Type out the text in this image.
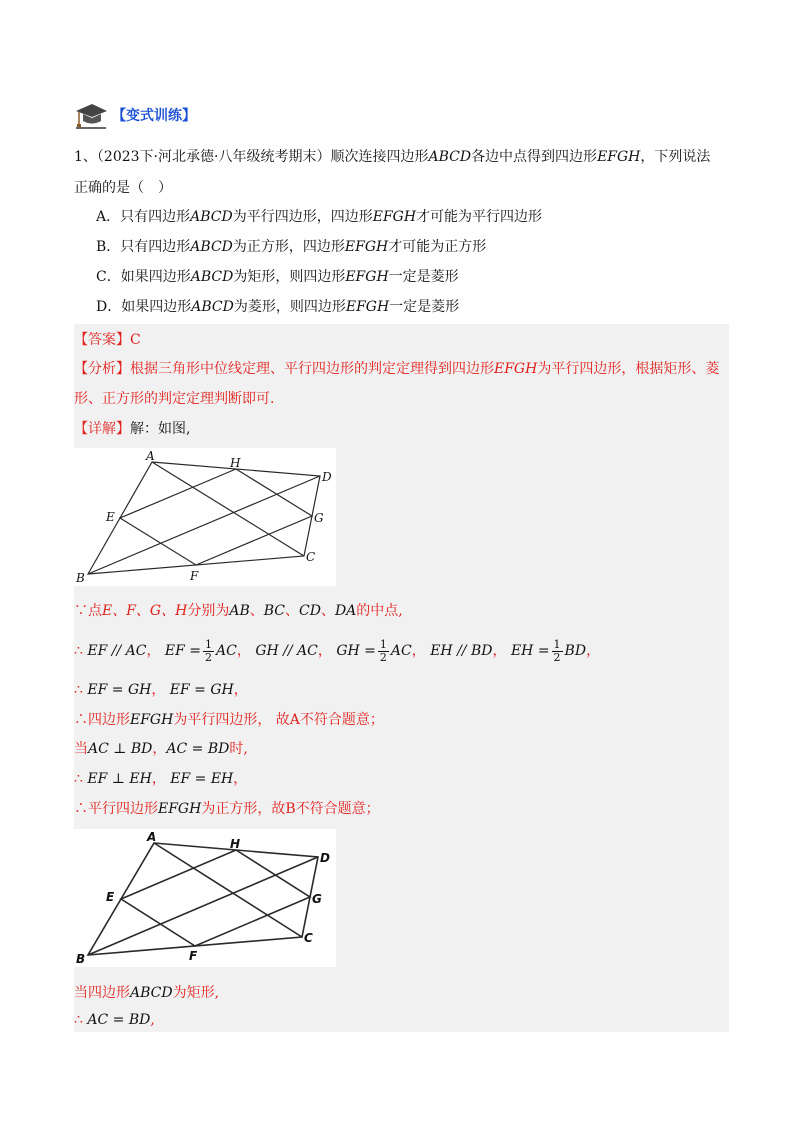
【变式训练】
1、（2023下·河北承德·八年级统考期末）顺次连接四边形ABCD各边中点得到四边形EFGH，下列说法
正确的是（　）
A．只有四边形ABCD为平行四边形，四边形EFGH才可能为平行四边形
B．只有四边形ABCD为正方形，四边形EFGH才可能为正方形
C．如果四边形ABCD为矩形，则四边形EFGH一定是菱形
D．如果四边形ABCD为菱形，则四边形EFGH一定是菱形
【答案】C
【分析】根据三角形中位线定理、平行四边形的判定定理得到四边形EFGH为平行四边形，根据矩形、菱
形、正方形的判定定理判断即可.
【详解】解：如图,
A	H
D
E	G
B	F
C
∵点E、F、G、H分别为AB、BC、CD、DA的中点,
∴ EF // AC， EF = $\frac{1}{2}$ AC， GH // AC， GH = $\frac{1}{2}$ AC， EH // BD， EH = $\frac{1}{2}$ BD，
∴ EF = GH， EF = GH，
∴四边形EFGH为平行四边形， 故A不符合题意；
当AC ⊥ BD，AC = BD时,
∴ EF ⊥ EH， EF = EH，
∴平行四边形EFGH为正方形，故B不符合题意；
A	H
D
E	G
B	F
C
当四边形ABCD为矩形,
∴ AC = BD,
